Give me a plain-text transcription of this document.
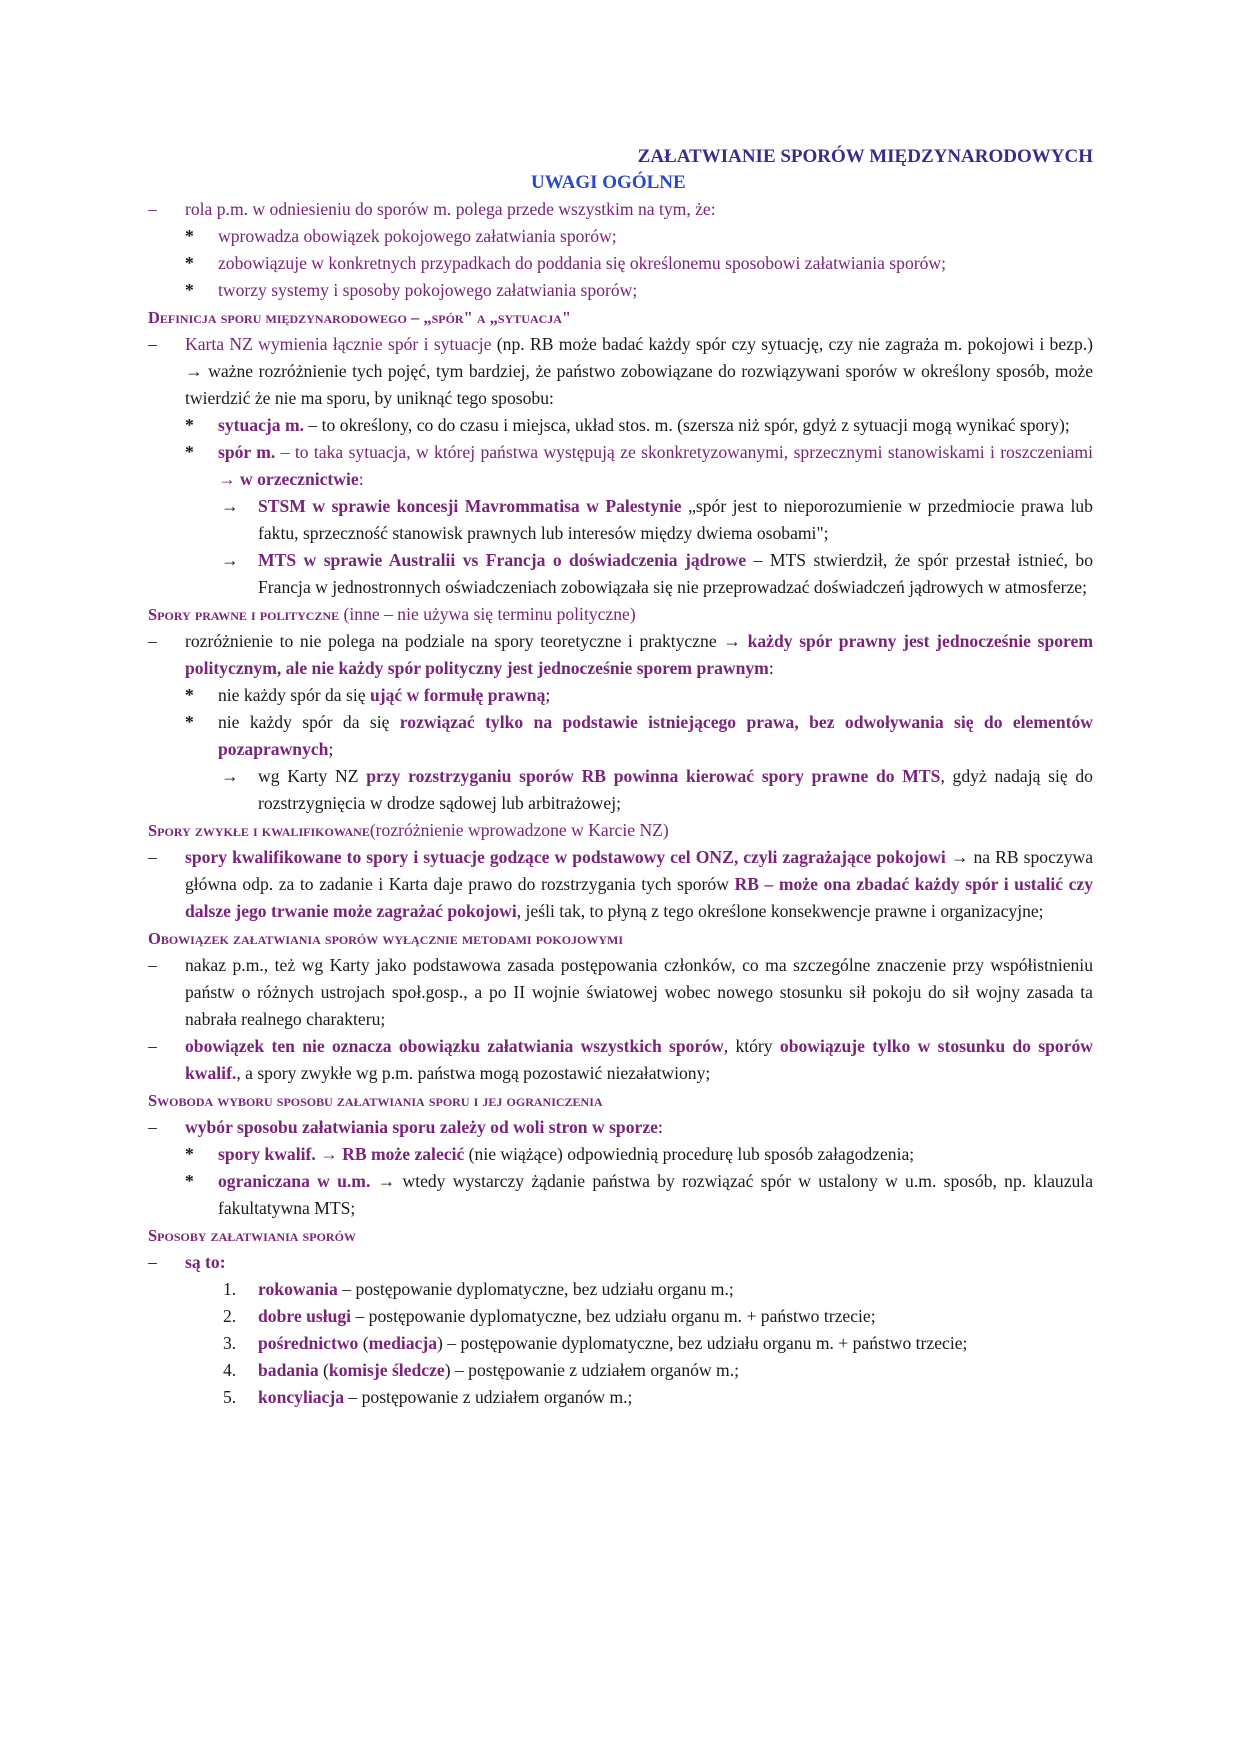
ZAŁATWIANIE SPORÓW MIĘDZYNARODOWYCH
UWAGI OGÓLNE
–	rola p.m. w odniesieniu do sporów m. polega przede wszystkim na tym, że:
* wprowadza obowiązek pokojowego załatwiania sporów;
* zobowiązuje w konkretnych przypadkach do poddania się określonemu sposobowi załatwiania sporów;
* tworzy systemy i sposoby pokojowego załatwiania sporów;
Definicja sporu międzynarodowego – „spór" a „sytuacja"
–	Karta NZ wymienia łącznie spór i sytuacje (np. RB może badać każdy spór czy sytuację, czy nie zagraża m. pokojowi i bezp.) → ważne rozróżnienie tych pojęć, tym bardziej, że państwo zobowiązane do rozwiązywani sporów w określony sposób, może twierdzić że nie ma sporu, by uniknąć tego sposobu:
* sytuacja m. – to określony, co do czasu i miejsca, układ stos. m. (szersza niż spór, gdyż z sytuacji mogą wynikać spory);
* spór m. – to taka sytuacja, w której państwa występują ze skonkretyzowanymi, sprzecznymi stanowiskami i roszczeniami → w orzecznictwie:
→ STSM w sprawie koncesji Mavrommatisa w Palestynie „spór jest to nieporozumienie w przedmiocie prawa lub faktu, sprzeczność stanowisk prawnych lub interesów między dwiema osobami";
→ MTS w sprawie Australii vs Francja o doświadczenia jądrowe – MTS stwierdził, że spór przestał istnieć, bo Francja w jednostronnych oświadczeniach zobowiązała się nie przeprowadzać doświadczeń jądrowych w atmosferze;
Spory prawne i polityczne (inne – nie używa się terminu polityczne)
–	rozróżnienie to nie polega na podziale na spory teoretyczne i praktyczne → każdy spór prawny jest jednocześnie sporem politycznym, ale nie każdy spór polityczny jest jednocześnie sporem prawnym:
* nie każdy spór da się ująć w formułę prawną;
* nie każdy spór da się rozwiązać tylko na podstawie istniejącego prawa, bez odwoływania się do elementów pozaprawnych;
→ wg Karty NZ przy rozstrzyganiu sporów RB powinna kierować spory prawne do MTS, gdyż nadają się do rozstrzygnięcia w drodze sądowej lub arbitrażowej;
Spory zwykłe i kwalifikowane(rozróżnienie wprowadzone w Karcie NZ)
–	spory kwalifikowane to spory i sytuacje godzące w podstawowy cel ONZ, czyli zagrażające pokojowi → na RB spoczywa główna odp. za to zadanie i Karta daje prawo do rozstrzygania tych sporów RB – może ona zbadać każdy spór i ustalić czy dalsze jego trwanie może zagrażać pokojowi, jeśli tak, to płyną z tego określone konsekwencje prawne i organizacyjne;
Obowiązek załatwiania sporów wyłącznie metodami pokojowymi
–	nakaz p.m., też wg Karty jako podstawowa zasada postępowania członków, co ma szczególne znaczenie przy współistnieniu państw o różnych ustrojach społ.gosp., a po II wojnie światowej wobec nowego stosunku sił pokoju do sił wojny zasada ta nabrała realnego charakteru;
–	obowiązek ten nie oznacza obowiązku załatwiania wszystkich sporów, który obowiązuje tylko w stosunku do sporów kwalif., a spory zwykłe wg p.m. państwa mogą pozostawić niezałatwiony;
Swoboda wyboru sposobu załatwiania sporu i jej ograniczenia
–	wybór sposobu załatwiania sporu zależy od woli stron w sporze:
* spory kwalif. → RB może zalecić (nie wiążące) odpowiednią procedurę lub sposób załagodzenia;
* ograniczana w u.m. → wtedy wystarczy żądanie państwa by rozwiązać spór w ustalony w u.m. sposób, np. klauzula fakultatywna MTS;
Sposoby załatwiania sporów
–	są to:
1. rokowania – postępowanie dyplomatyczne, bez udziału organu m.;
2. dobre usługi – postępowanie dyplomatyczne, bez udziału organu m. + państwo trzecie;
3. pośrednictwo (mediacja) – postępowanie dyplomatyczne, bez udziału organu m. + państwo trzecie;
4. badania (komisje śledcze) – postępowanie z udziałem organów m.;
5. koncyliacja – postępowanie z udziałem organów m.;
